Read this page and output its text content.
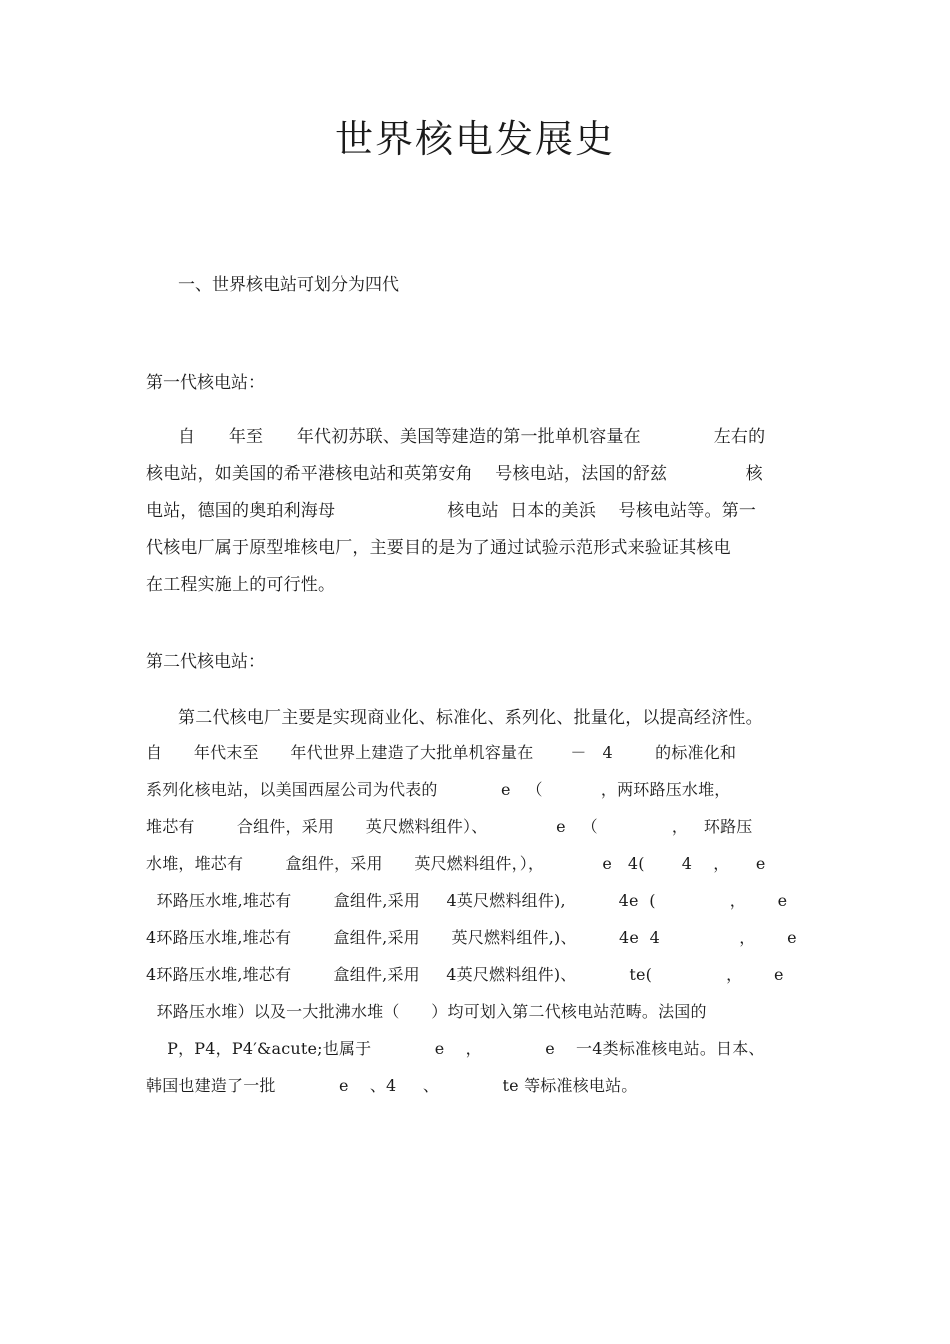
世界核电发展史
一、世界核电站可划分为四代
第一代核电站：
自      年至      年代初苏联、美国等建造的第一批单机容量在             左右的
核电站，如美国的希平港核电站和英第安角    号核电站，法国的舒兹              核
电站，德国的奥珀利海母                    核电站  日本的美浜    号核电站等。第一
代核电厂属于原型堆核电厂，主要目的是为了通过试验示范形式来验证其核电
在工程实施上的可行性。
第二代核电站：
第二代核电厂主要是实现商业化、标准化、系列化、批量化，以提高经济性。
自      年代末至      年代世界上建造了大批单机容量在       －   4        的标准化和
系列化核电站，以美国西屋公司为代表的            e   （           ，两环路压水堆，
堆芯有        合组件，采用      英尺燃料组件）、             e   （              ，   环路压
水堆，堆芯有        盒组件，采用      英尺燃料组件，），           e   4(       4    ，     e
环路压水堆,堆芯有        盒组件,采用     4英尺燃料组件),          4e  (              ，      e
4环路压水堆,堆芯有        盒组件,采用      英尺燃料组件,)、        4e  4               ，      e
4环路压水堆,堆芯有        盒组件,采用     4英尺燃料组件)、          te(              ，      e
环路压水堆）以及一大批沸水堆（      ）均可划入第二代核电站范畴。法国的
P，P4，P4′&acute;也属于            e    ，            e    一4类标准核电站。日本、
韩国也建造了一批            e    、4     、            te 等标准核电站。
